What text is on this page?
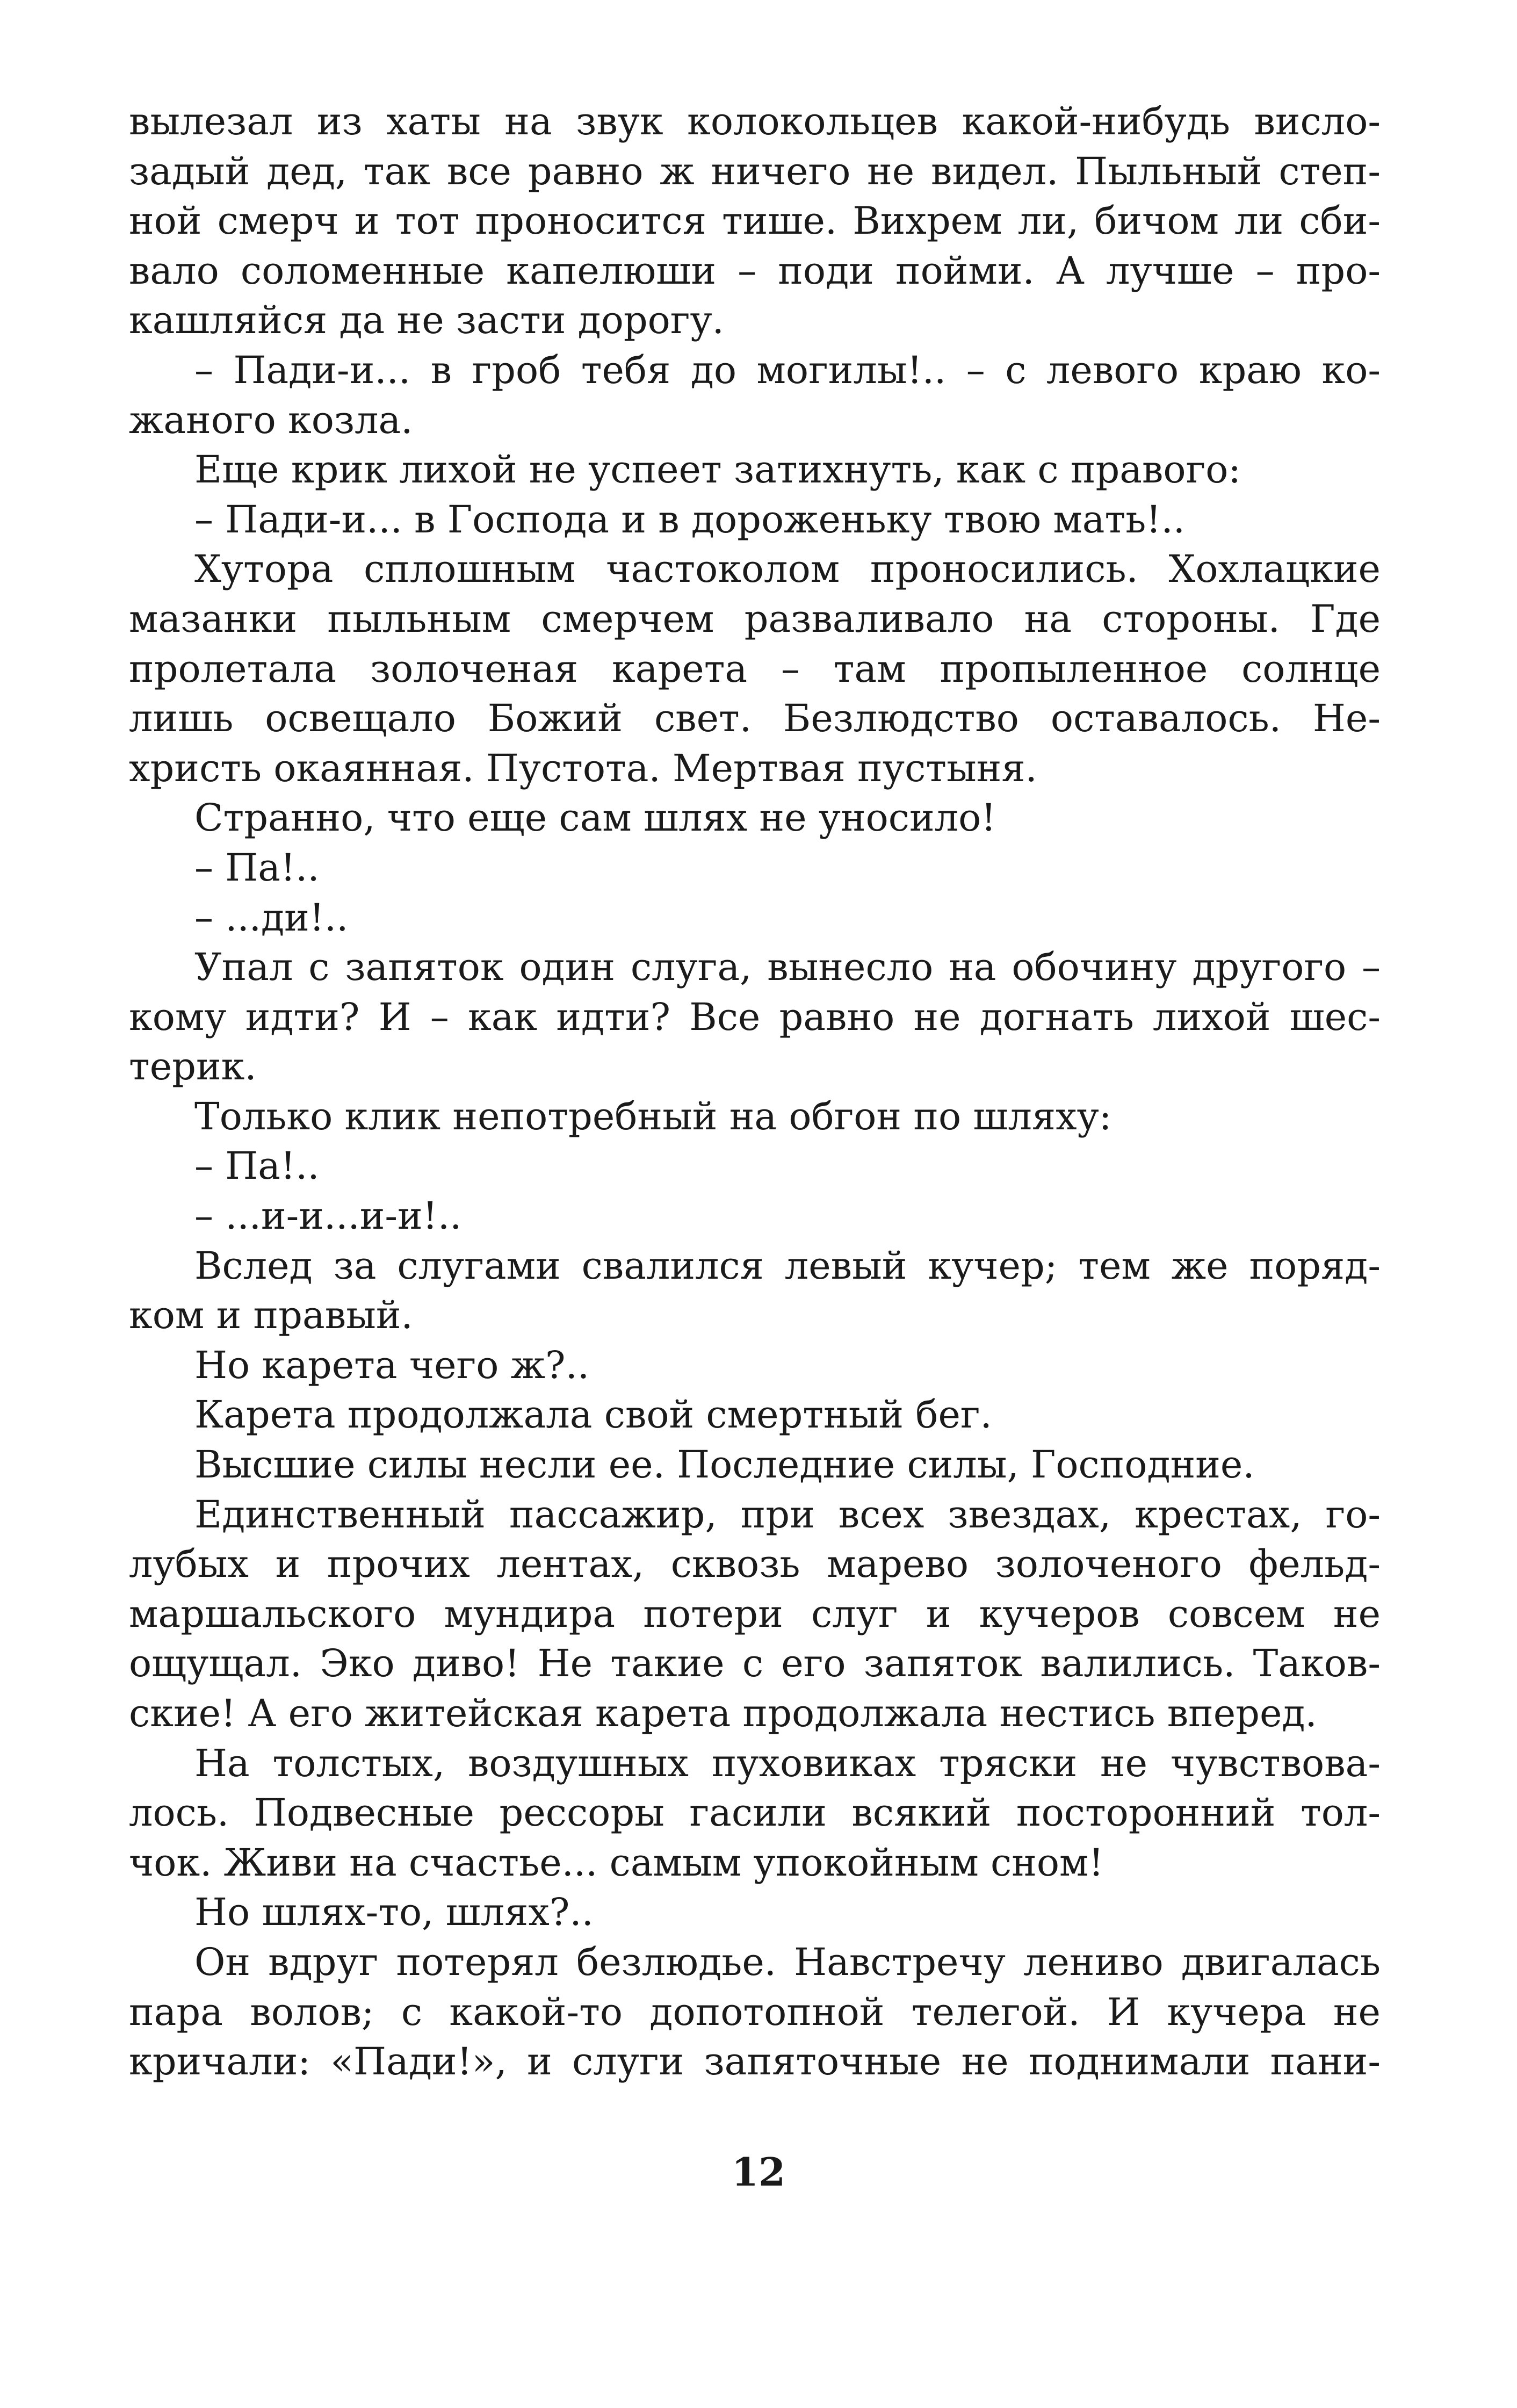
вылезал из хаты на звук колокольцев какой-нибудь висло-
задый дед, так все равно ж ничего не видел. Пыльный степ-
ной смерч и тот проносится тише. Вихрем ли, бичом ли сби-
вало соломенные капелюши – поди пойми. А лучше – про-
кашляйся да не засти дорогу.
– Пади-и... в гроб тебя до могилы!.. – с левого краю ко-
жаного козла.
Еще крик лихой не успеет затихнуть, как с правого:
– Пади-и... в Господа и в дороженьку твою мать!..
Хутора сплошным частоколом проносились. Хохлацкие
мазанки пыльным смерчем разваливало на стороны. Где
пролетала золоченая карета – там пропыленное солнце
лишь освещало Божий свет. Безлюдство оставалось. Не-
христь окаянная. Пустота. Мертвая пустыня.
Странно, что еще сам шлях не уносило!
– Па!..
– ...ди!..
Упал с запяток один слуга, вынесло на обочину другого –
кому идти? И – как идти? Все равно не догнать лихой шес-
терик.
Только клик непотребный на обгон по шляху:
– Па!..
– ...и-и...и-и!..
Вслед за слугами свалился левый кучер; тем же поряд-
ком и правый.
Но карета чего ж?..
Карета продолжала свой смертный бег.
Высшие силы несли ее. Последние силы, Господние.
Единственный пассажир, при всех звездах, крестах, го-
лубых и прочих лентах, сквозь марево золоченого фельд-
маршальского мундира потери слуг и кучеров совсем не
ощущал. Эко диво! Не такие с его запяток валились. Таков-
ские! А его житейская карета продолжала нестись вперед.
На толстых, воздушных пуховиках тряски не чувствова-
лось. Подвесные рессоры гасили всякий посторонний тол-
чок. Живи на счастье... самым упокойным сном!
Но шлях-то, шлях?..
Он вдруг потерял безлюдье. Навстречу лениво двигалась
пара волов; с какой-то допотопной телегой. И кучера не
кричали: «Пади!», и слуги запяточные не поднимали пани-
12
